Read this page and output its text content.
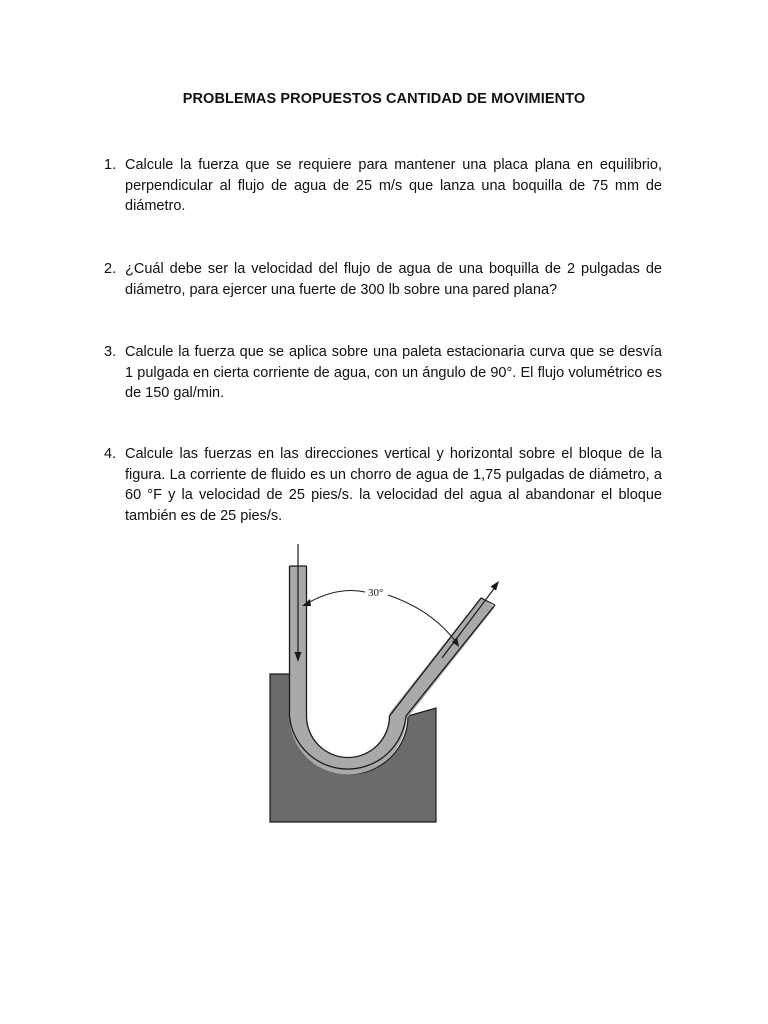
PROBLEMAS PROPUESTOS CANTIDAD DE MOVIMIENTO
1. Calcule la fuerza que se requiere para mantener una placa plana en equilibrio, perpendicular al flujo de agua de 25 m/s que lanza una boquilla de 75 mm de diámetro.
2. ¿Cuál debe ser la velocidad del flujo de agua de una boquilla de 2 pulgadas de diámetro, para ejercer una fuerte de 300 lb sobre una pared plana?
3. Calcule la fuerza que se aplica sobre una paleta estacionaria curva que se desvía 1 pulgada en cierta corriente de agua, con un ángulo de 90°. El flujo volumétrico es de 150 gal/min.
4. Calcule las fuerzas en las direcciones vertical y horizontal sobre el bloque de la figura. La corriente de fluido es un chorro de agua de 1,75 pulgadas de diámetro, a 60 °F y la velocidad de 25 pies/s. la velocidad del agua al abandonar el bloque también es de 25 pies/s.
30°
